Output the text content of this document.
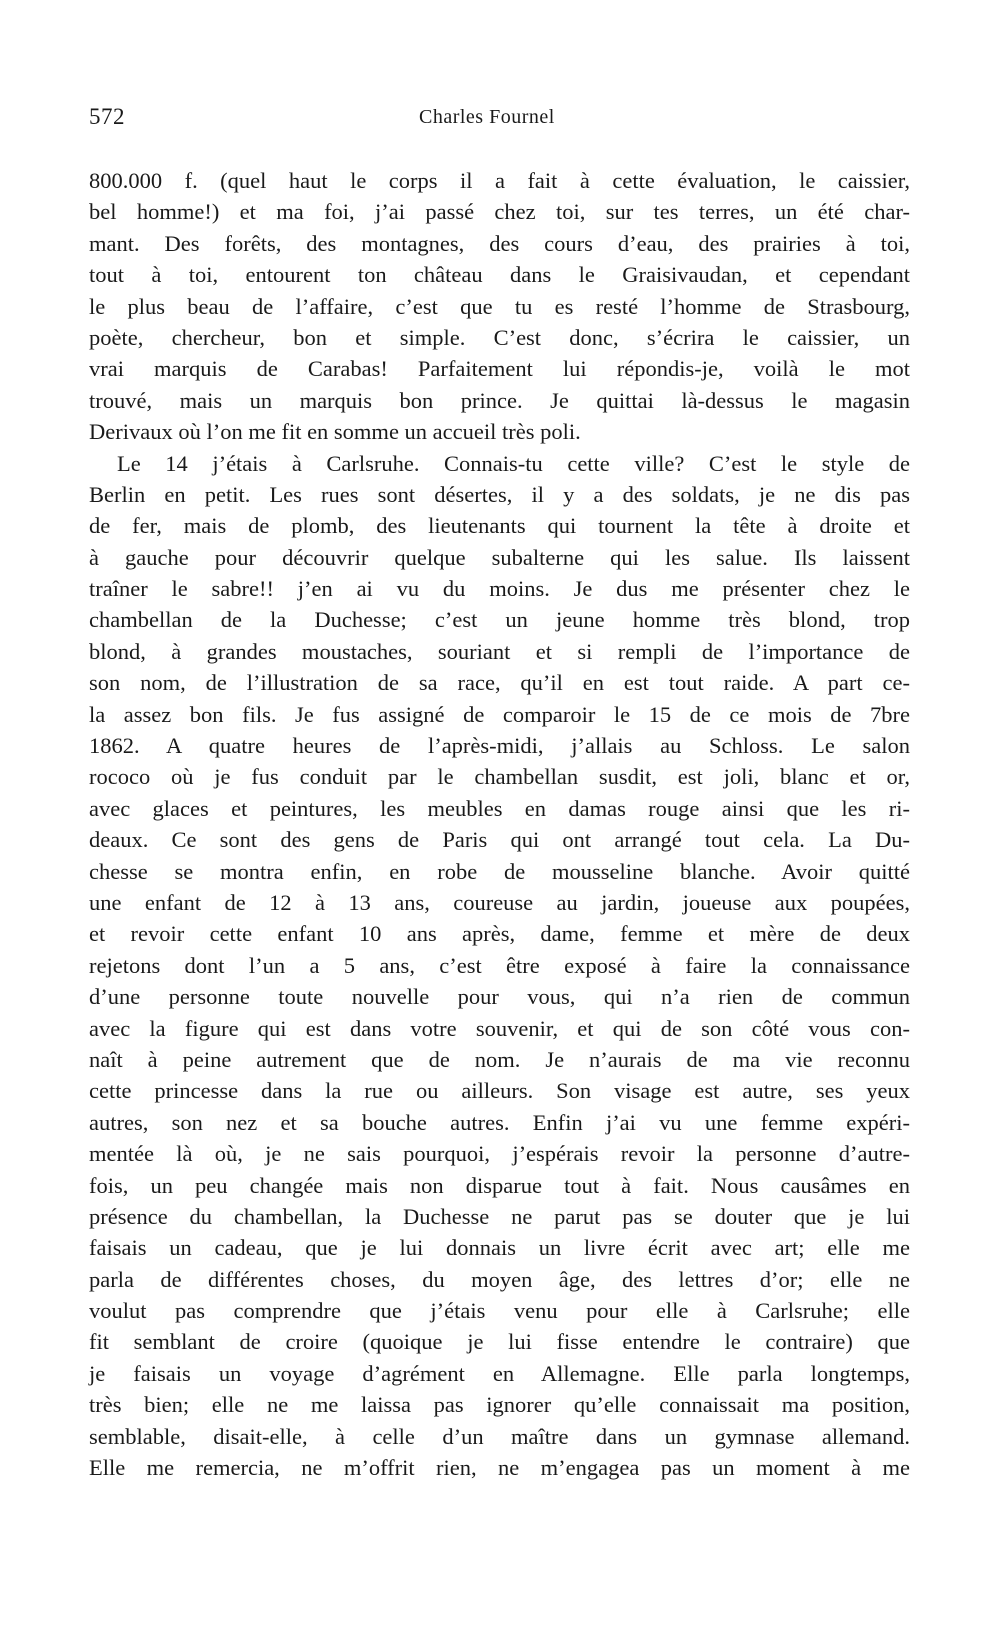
572	Charles Fournel
800.000 f. (quel haut le corps il a fait à cette évaluation, le caissier,
bel homme!) et ma foi, j’ai passé chez toi, sur tes terres, un été char-
mant. Des forêts, des montagnes, des cours d’eau, des prairies à toi,
tout à toi, entourent ton château dans le Graisivaudan, et cependant
le plus beau de l’affaire, c’est que tu es resté l’homme de Strasbourg,
poète, chercheur, bon et simple. C’est donc, s’écrira le caissier, un
vrai marquis de Carabas! Parfaitement lui répondis-je, voilà le mot
trouvé, mais un marquis bon prince. Je quittai là-dessus le magasin
Derivaux où l’on me fit en somme un accueil très poli.
Le 14 j’étais à Carlsruhe. Connais-tu cette ville? C’est le style de
Berlin en petit. Les rues sont désertes, il y a des soldats, je ne dis pas
de fer, mais de plomb, des lieutenants qui tournent la tête à droite et
à gauche pour découvrir quelque subalterne qui les salue. Ils laissent
traîner le sabre!! j’en ai vu du moins. Je dus me présenter chez le
chambellan de la Duchesse; c’est un jeune homme très blond, trop
blond, à grandes moustaches, souriant et si rempli de l’importance de
son nom, de l’illustration de sa race, qu’il en est tout raide. A part ce-
la assez bon fils. Je fus assigné de comparoir le 15 de ce mois de 7bre
1862. A quatre heures de l’après-midi, j’allais au Schloss. Le salon
rococo où je fus conduit par le chambellan susdit, est joli, blanc et or,
avec glaces et peintures, les meubles en damas rouge ainsi que les ri-
deaux. Ce sont des gens de Paris qui ont arrangé tout cela. La Du-
chesse se montra enfin, en robe de mousseline blanche. Avoir quitté
une enfant de 12 à 13 ans, coureuse au jardin, joueuse aux poupées,
et revoir cette enfant 10 ans après, dame, femme et mère de deux
rejetons dont l’un a 5 ans, c’est être exposé à faire la connaissance
d’une personne toute nouvelle pour vous, qui n’a rien de commun
avec la figure qui est dans votre souvenir, et qui de son côté vous con-
naît à peine autrement que de nom. Je n’aurais de ma vie reconnu
cette princesse dans la rue ou ailleurs. Son visage est autre, ses yeux
autres, son nez et sa bouche autres. Enfin j’ai vu une femme expéri-
mentée là où, je ne sais pourquoi, j’espérais revoir la personne d’autre-
fois, un peu changée mais non disparue tout à fait. Nous causâmes en
présence du chambellan, la Duchesse ne parut pas se douter que je lui
faisais un cadeau, que je lui donnais un livre écrit avec art; elle me
parla de différentes choses, du moyen âge, des lettres d’or; elle ne
voulut pas comprendre que j’étais venu pour elle à Carlsruhe; elle
fit semblant de croire (quoique je lui fisse entendre le contraire) que
je faisais un voyage d’agrément en Allemagne. Elle parla longtemps,
très bien; elle ne me laissa pas ignorer qu’elle connaissait ma position,
semblable, disait-elle, à celle d’un maître dans un gymnase allemand.
Elle me remercia, ne m’offrit rien, ne m’engagea pas un moment à me
